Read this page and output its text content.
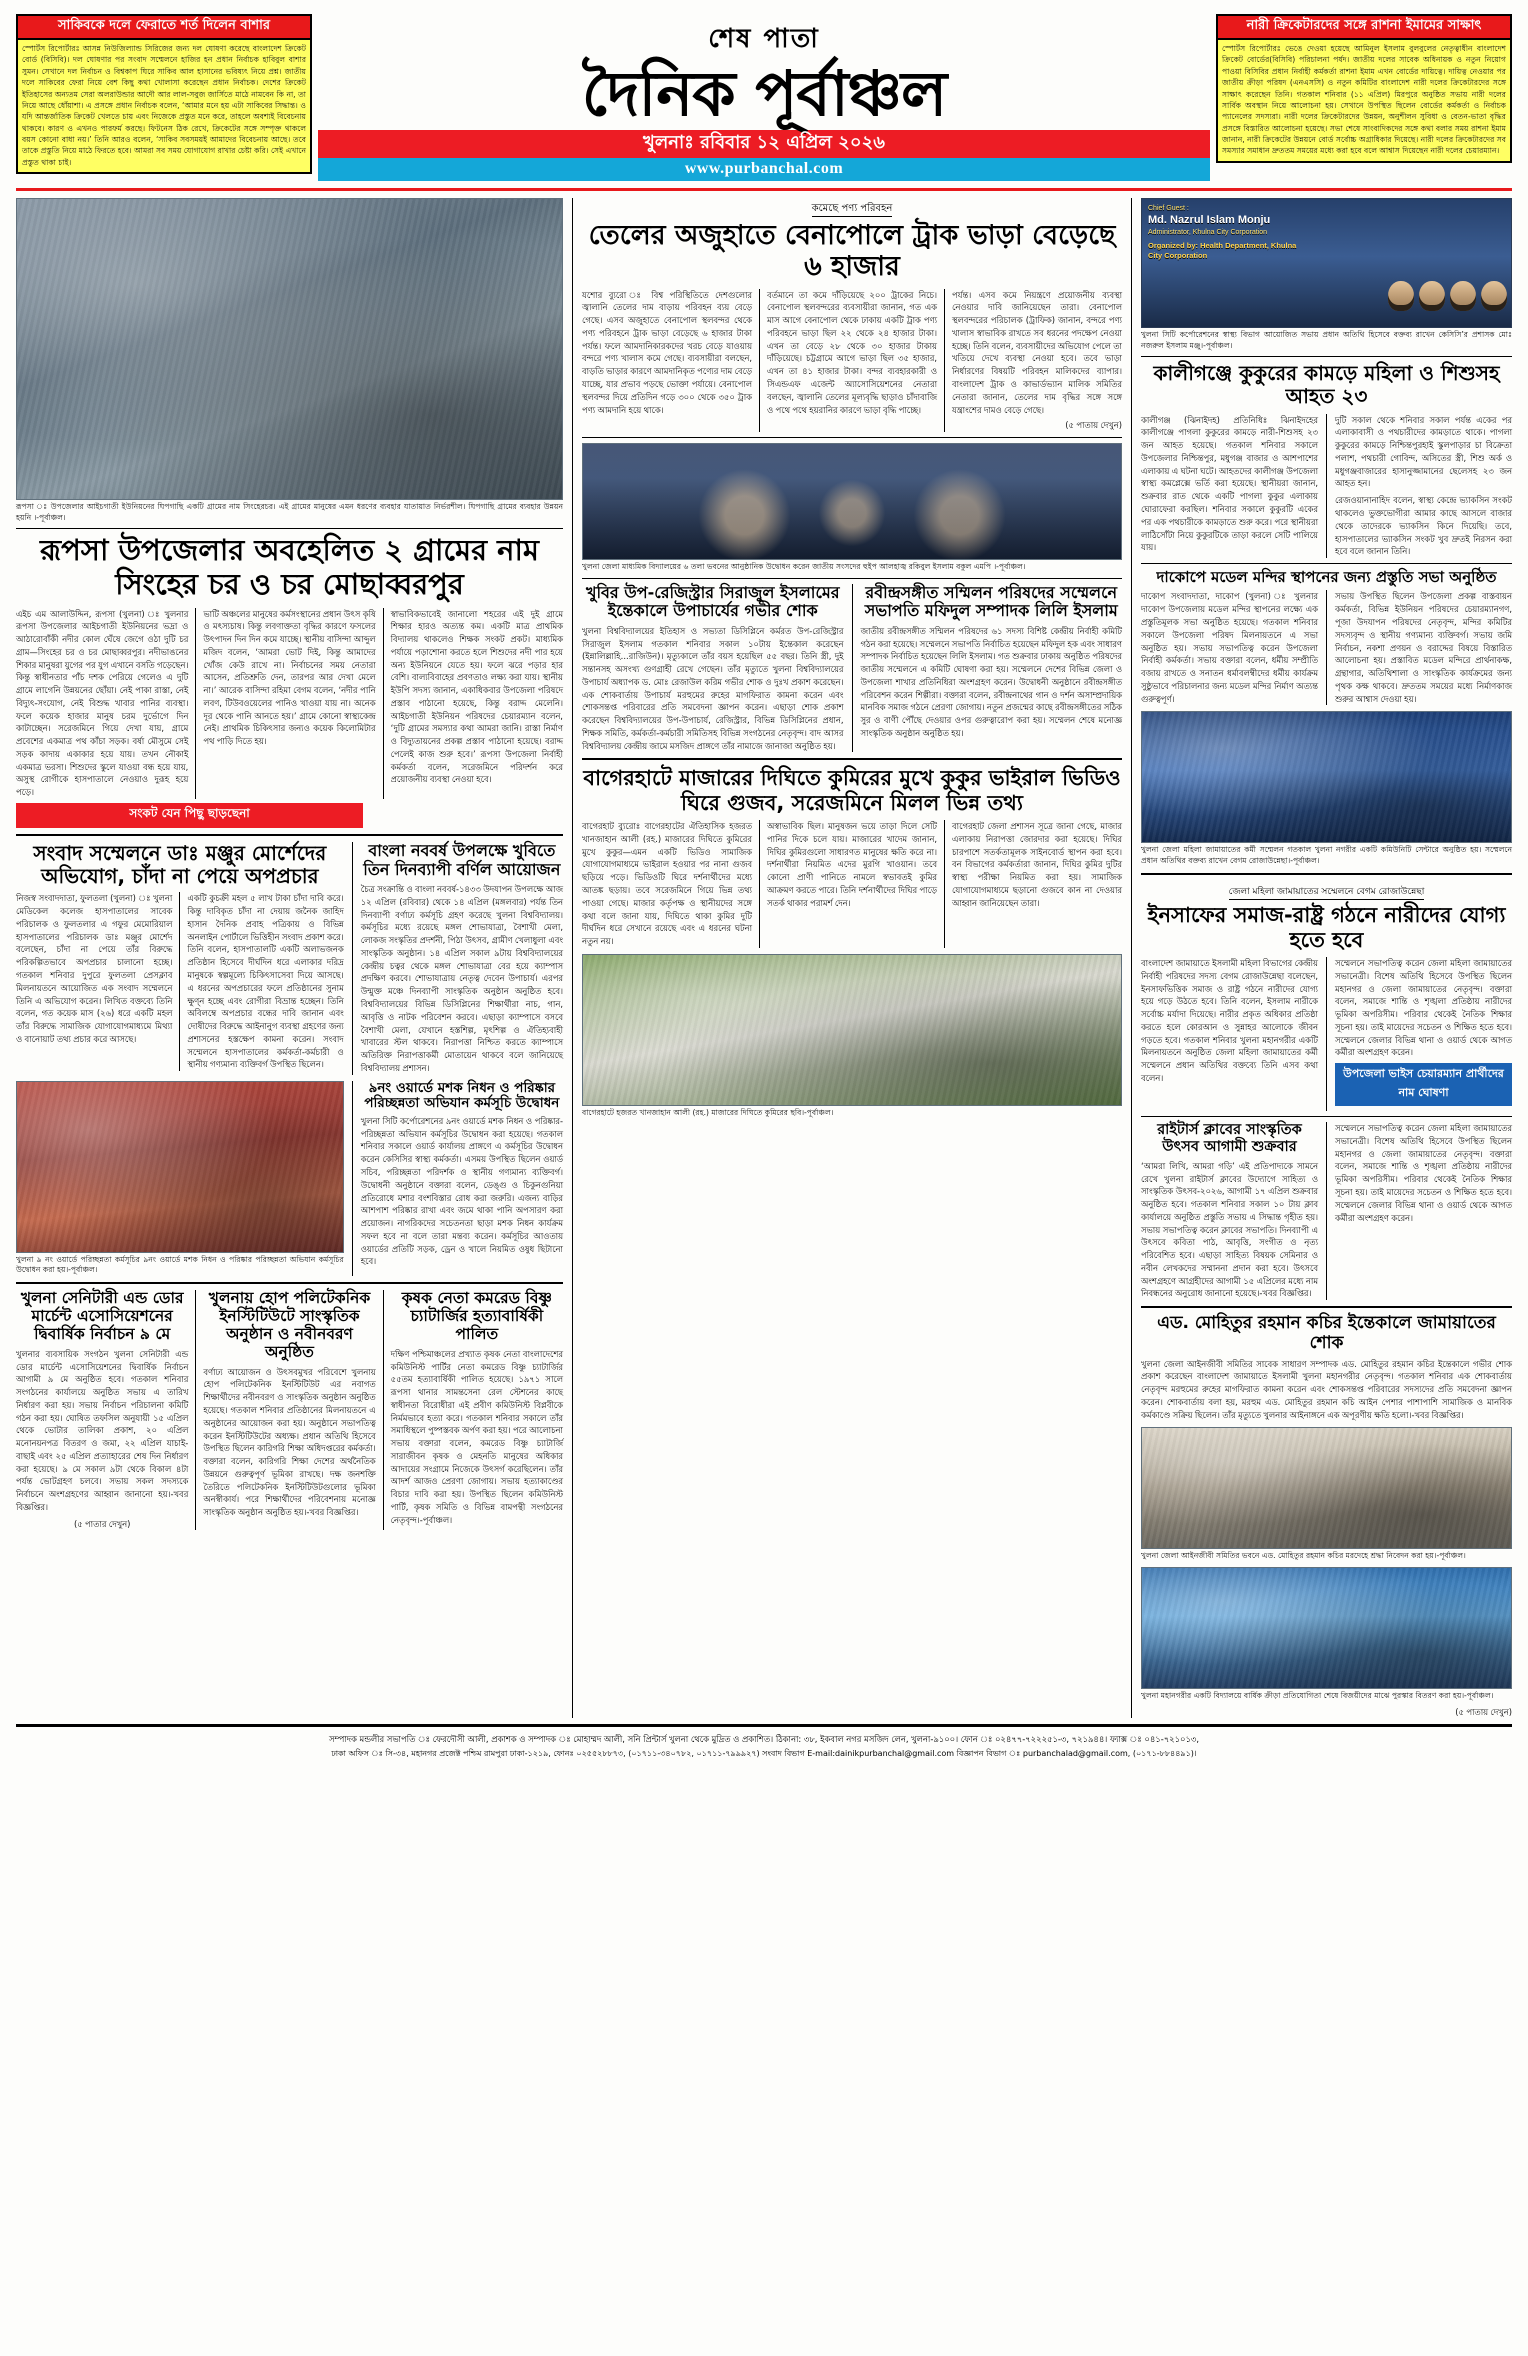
সাকিবকে দলে ফেরাতে শর্ত দিলেন বাশার
স্পোর্টস রিপোর্টারঃ আসন্ন নিউজিল্যান্ড সিরিজের জন্য দল ঘোষণা করেছে বাংলাদেশ ক্রিকেট বোর্ড (বিসিবি)। দল ঘোষণার পর সংবাদ সম্মেলনে হাজির হন প্রধান নির্বাচক হাবিবুল বাশার সুমন। সেখানে দল নির্বাচন ও বিশ্বকাপ ঘিরে সাকিব আল হাসানের ভবিষ্যৎ নিয়ে প্রশ্ন। জাতীয় দলে সাকিবের ফেরা নিয়ে বেশ কিছু কথা খোলাসা করেছেন প্রধান নির্বাচক। দেশের ক্রিকেট ইতিহাসের অন্যতম সেরা অলরাউন্ডার আদৌ আর লাল-সবুজ জার্সিতে মাঠে নামবেন কি না, তা নিয়ে আছে ধোঁয়াশা। এ প্রসঙ্গে প্রধান নির্বাচক বলেন, ‘আমার মনে হয় এটা সাকিবের সিদ্ধান্ত। ও যদি আন্তর্জাতিক ক্রিকেট খেলতে চায় এবং নিজেকে প্রস্তুত মনে করে, তাহলে অবশ্যই বিবেচনায় থাকবে। কারণ ও এখনও পারফর্ম করছে। ফিটনেস ঠিক রেখে, ক্রিকেটের সঙ্গে সম্পৃক্ত থাকলে বয়স কোনো বাধা নয়।’ তিনি আরও বলেন, ‘সাকিব সবসময়ই আমাদের বিবেচনায় আছে। তবে তাকে প্রস্তুতি নিয়ে মাঠে ফিরতে হবে। আমরা সব সময় যোগাযোগ রাখার চেষ্টা করি। সেই এখানে প্রস্তুত থাকা চাই।
শেষ পাতা
দৈনিক পূর্বাঞ্চল
খুলনাঃ রবিবার ১২ এপ্রিল ২০২৬
www.purbanchal.com
নারী ক্রিকেটারদের সঙ্গে রাশনা ইমামের সাক্ষাৎ
স্পোর্টস রিপোর্টারঃ ভেঙে দেওয়া হয়েছে আমিনুল ইসলাম বুলবুলের নেতৃত্বাধীন বাংলাদেশ ক্রিকেট বোর্ডের(বিসিবি) পরিচালনা পর্ষদ। জাতীয় দলের সাবেক অধিনায়ক ও নতুন নিয়োগ পাওয়া বিসিবির প্রধান নির্বাহী কর্মকর্তা রাশনা ইমাম এখন বোর্ডের দায়িত্বে। দায়িত্ব নেওয়ার পর জাতীয় ক্রীড়া পরিষদ (এনএসসি) ও নতুন কমিটির বাংলাদেশ নারী দলের ক্রিকেটারদের সঙ্গে সাক্ষাৎ করেছেন তিনি। গতকাল শনিবার (১১ এপ্রিল) মিরপুরে অনুষ্ঠিত সভায় নারী দলের সার্বিক অবস্থান নিয়ে আলোচনা হয়। সেখানে উপস্থিত ছিলেন বোর্ডের কর্মকর্তা ও নির্বাচক প্যানেলের সদস্যরা। নারী দলের ক্রিকেটারদের উন্নয়ন, অনুশীলন সুবিধা ও বেতন-ভাতা বৃদ্ধির প্রসঙ্গে বিস্তারিত আলোচনা হয়েছে। সভা শেষে সাংবাদিকদের সঙ্গে কথা বলার সময় রাশনা ইমাম জানান, নারী ক্রিকেটের উন্নয়নে বোর্ড সর্বোচ্চ অগ্রাধিকার দিয়েছে। নারী দলের ক্রিকেটারদের সব সমস্যার সমাধান দ্রুততম সময়ের মধ্যে করা হবে বলে আশ্বাস দিয়েছেন নারী দলের চেয়ারম্যান।
রূপসা ঃ উপজেলার আইচগাতী ইউনিয়নের ঘিপগাছি একটি গ্রামের নাম সিংহেরচর। এই গ্রামের মানুষের এমন ধরণের ব্যবহার যাতায়াত নির্ভরশীল। ঘিপগাছি গ্রামের ব্যবহার উন্নয়ন হয়নি ।-পূর্বাঞ্চল।
রূপসা উপজেলার অবহেলিত ২ গ্রামের নাম সিংহের চর ও চর মোছাব্বরপুর
এইচ এম আলাউদ্দিন, রূপসা (খুলনা) ঃ খুলনার রূপসা উপজেলার আইচগাতী ইউনিয়নের ভদ্রা ও আঠারোবাঁকী নদীর কোল ঘেঁষে জেগে ওঠা দুটি চর গ্রাম—সিংহের চর ও চর মোছাব্বরপুর। নদীভাঙনের শিকার মানুষরা যুগের পর যুগ এখানে বসতি গড়েছেন। কিন্তু স্বাধীনতার পাঁচ দশক পেরিয়ে গেলেও এ দুটি গ্রামে লাগেনি উন্নয়নের ছোঁয়া। নেই পাকা রাস্তা, নেই বিদ্যুৎ-সংযোগ, নেই বিশুদ্ধ খাবার পানির ব্যবস্থা। ফলে কয়েক হাজার মানুষ চরম দুর্ভোগে দিন কাটাচ্ছেন। সরেজমিনে গিয়ে দেখা যায়, গ্রামে প্রবেশের একমাত্র পথ কাঁচা সড়ক। বর্ষা মৌসুমে সেই সড়ক কাদায় একাকার হয়ে যায়। তখন নৌকাই একমাত্র ভরসা। শিশুদের স্কুলে যাওয়া বন্ধ হয়ে যায়, অসুস্থ রোগীকে হাসপাতালে নেওয়াও দুরূহ হয়ে পড়ে।
ভাটি অঞ্চলের মানুষের কর্মসংস্থানের প্রধান উৎস কৃষি ও মৎস্যচাষ। কিন্তু লবণাক্ততা বৃদ্ধির কারণে ফসলের উৎপাদন দিন দিন কমে যাচ্ছে। স্থানীয় বাসিন্দা আব্দুল মজিদ বলেন, ‘আমরা ভোট দিই, কিন্তু আমাদের খোঁজ কেউ রাখে না। নির্বাচনের সময় নেতারা আসেন, প্রতিশ্রুতি দেন, তারপর আর দেখা মেলে না।’ আরেক বাসিন্দা রহিমা বেগম বলেন, ‘নদীর পানি লবণ, টিউবওয়েলের পানিও খাওয়া যায় না। অনেক দূর থেকে পানি আনতে হয়।’ গ্রামে কোনো স্বাস্থ্যকেন্দ্র নেই। প্রাথমিক চিকিৎসার জন্যও কয়েক কিলোমিটার পথ পাড়ি দিতে হয়।
স্বাভাবিকভাবেই জানালো শহরের এই দুই গ্রামে শিক্ষার হারও অত্যন্ত কম। একটি মাত্র প্রাথমিক বিদ্যালয় থাকলেও শিক্ষক সংকট প্রকট। মাধ্যমিক পর্যায়ে পড়াশোনা করতে হলে শিশুদের নদী পার হয়ে অন্য ইউনিয়নে যেতে হয়। ফলে ঝরে পড়ার হার বেশি। বাল্যবিবাহের প্রবণতাও লক্ষ্য করা যায়। স্থানীয় ইউপি সদস্য জানান, একাধিকবার উপজেলা পরিষদে প্রস্তাব পাঠানো হয়েছে, কিন্তু বরাদ্দ মেলেনি। আইচগাতী ইউনিয়ন পরিষদের চেয়ারম্যান বলেন, ‘দুটি গ্রামের সমস্যার কথা আমরা জানি। রাস্তা নির্মাণ ও বিদ্যুতায়নের প্রকল্প প্রস্তাব পাঠানো হয়েছে। বরাদ্দ পেলেই কাজ শুরু হবে।’ রূপসা উপজেলা নির্বাহী কর্মকর্তা বলেন, সরেজমিনে পরিদর্শন করে প্রয়োজনীয় ব্যবস্থা নেওয়া হবে।
সংকট যেন পিছু ছাড়ছেনা
সংবাদ সম্মেলনে ডাঃ মঞ্জুর মোর্শেদের অভিযোগ, চাঁদা না পেয়ে অপপ্রচার
নিজস্ব সংবাদদাতা, ফুলতলা (খুলনা) ঃ খুলনা মেডিকেল কলেজ হাসপাতালের সাবেক পরিচালক ও ফুলতলার এ গফুর মেমোরিয়াল হাসপাতালের পরিচালক ডাঃ মঞ্জুর মোর্শেদ বলেছেন, চাঁদা না পেয়ে তাঁর বিরুদ্ধে পরিকল্পিতভাবে অপপ্রচার চালানো হচ্ছে। গতকাল শনিবার দুপুরে ফুলতলা প্রেসক্লাব মিলনায়তনে আয়োজিত এক সংবাদ সম্মেলনে তিনি এ অভিযোগ করেন। লিখিত বক্তব্যে তিনি বলেন, গত কয়েক মাস (২৬) ধরে একটি মহল তাঁর বিরুদ্ধে সামাজিক যোগাযোগমাধ্যমে মিথ্যা ও বানোয়াট তথ্য প্রচার করে আসছে।
একটি কুচক্রী মহল ৫ লাখ টাকা চাঁদা দাবি করে। কিন্তু দাবিকৃত চাঁদা না দেয়ায় জনৈক জাহিদ হাসান দৈনিক প্রবাহ পত্রিকায় ও বিভিন্ন অনলাইন পোর্টালে ভিত্তিহীন সংবাদ প্রকাশ করে। তিনি বলেন, হাসপাতালটি একটি অলাভজনক প্রতিষ্ঠান হিসেবে দীর্ঘদিন ধরে এলাকার দরিদ্র মানুষকে স্বল্পমূল্যে চিকিৎসাসেবা দিয়ে আসছে। এ ধরনের অপপ্রচারের ফলে প্রতিষ্ঠানের সুনাম ক্ষুণ্ন হচ্ছে এবং রোগীরা বিভ্রান্ত হচ্ছেন। তিনি অবিলম্বে অপপ্রচার বন্ধের দাবি জানান এবং দোষীদের বিরুদ্ধে আইনানুগ ব্যবস্থা গ্রহণের জন্য প্রশাসনের হস্তক্ষেপ কামনা করেন। সংবাদ সম্মেলনে হাসপাতালের কর্মকর্তা-কর্মচারী ও স্থানীয় গণ্যমান্য ব্যক্তিবর্গ উপস্থিত ছিলেন।
বাংলা নববর্ষ উপলক্ষে খুবিতে তিন দিনব্যাপী বর্ণিল আয়োজন
চৈত্র সংক্রান্তি ও বাংলা নববর্ষ-১৪৩৩ উদযাপন উপলক্ষে আজ ১২ এপ্রিল (রবিবার) থেকে ১৪ এপ্রিল (মঙ্গলবার) পর্যন্ত তিন দিনব্যাপী বর্ণাঢ্য কর্মসূচি গ্রহণ করেছে খুলনা বিশ্ববিদ্যালয়। কর্মসূচির মধ্যে রয়েছে মঙ্গল শোভাযাত্রা, বৈশাখী মেলা, লোকজ সংস্কৃতির প্রদর্শনী, পিঠা উৎসব, গ্রামীণ খেলাধুলা এবং সাংস্কৃতিক অনুষ্ঠান। ১৪ এপ্রিল সকাল ৯টায় বিশ্ববিদ্যালয়ের কেন্দ্রীয় চত্বর থেকে মঙ্গল শোভাযাত্রা বের হয়ে ক্যাম্পাস প্রদক্ষিণ করবে। শোভাযাত্রায় নেতৃত্ব দেবেন উপাচার্য। এরপর উন্মুক্ত মঞ্চে দিনব্যাপী সাংস্কৃতিক অনুষ্ঠান অনুষ্ঠিত হবে। বিশ্ববিদ্যালয়ের বিভিন্ন ডিসিপ্লিনের শিক্ষার্থীরা নাচ, গান, আবৃত্তি ও নাটক পরিবেশন করবে। এছাড়া ক্যাম্পাসে বসবে বৈশাখী মেলা, যেখানে হস্তশিল্প, মৃৎশিল্প ও ঐতিহ্যবাহী খাবারের স্টল থাকবে। নিরাপত্তা নিশ্চিত করতে ক্যাম্পাসে অতিরিক্ত নিরাপত্তাকর্মী মোতায়েন থাকবে বলে জানিয়েছে বিশ্ববিদ্যালয় প্রশাসন।
খুলনা ৯ নং ওয়ার্ডে পরিচ্ছন্নতা কর্মসূচির ৯নং ওয়ার্ডে মশক নিধন ও পরিষ্কার পরিচ্ছন্নতা অভিযান কর্মসূচির উদ্বোধন করা হয়।-পূর্বাঞ্চল।
৯নং ওয়ার্ডে মশক নিধন ও পরিষ্কার পরিচ্ছন্নতা অভিযান কর্মসূচি উদ্বোধন
খুলনা সিটি কর্পোরেশনের ৯নং ওয়ার্ডে মশক নিধন ও পরিষ্কার-পরিচ্ছন্নতা অভিযান কর্মসূচির উদ্বোধন করা হয়েছে। গতকাল শনিবার সকালে ওয়ার্ড কার্যালয় প্রাঙ্গণে এ কর্মসূচির উদ্বোধন করেন কেসিসির স্বাস্থ্য কর্মকর্তা। এসময় উপস্থিত ছিলেন ওয়ার্ড সচিব, পরিচ্ছন্নতা পরিদর্শক ও স্থানীয় গণ্যমান্য ব্যক্তিবর্গ। উদ্বোধনী অনুষ্ঠানে বক্তারা বলেন, ডেঙ্গু ও চিকুনগুনিয়া প্রতিরোধে মশার বংশবিস্তার রোধ করা জরুরি। এজন্য বাড়ির আশপাশ পরিষ্কার রাখা এবং জমে থাকা পানি অপসারণ করা প্রয়োজন। নাগরিকদের সচেতনতা ছাড়া মশক নিধন কার্যক্রম সফল হবে না বলে তারা মন্তব্য করেন। কর্মসূচির আওতায় ওয়ার্ডের প্রতিটি সড়ক, ড্রেন ও খালে নিয়মিত ওষুধ ছিটানো হবে।
খুলনা সেনিটারী এন্ড ডোর মার্চেন্ট এসোসিয়েশনের দ্বিবার্ষিক নির্বাচন ৯ মে
খুলনার ব্যবসায়িক সংগঠন খুলনা সেনিটারী এন্ড ডোর মার্চেন্ট এসোসিয়েশনের দ্বিবার্ষিক নির্বাচন আগামী ৯ মে অনুষ্ঠিত হবে। গতকাল শনিবার সংগঠনের কার্যালয়ে অনুষ্ঠিত সভায় এ তারিখ নির্ধারণ করা হয়। সভায় নির্বাচন পরিচালনা কমিটি গঠন করা হয়। ঘোষিত তফসিল অনুযায়ী ১৫ এপ্রিল থেকে ভোটার তালিকা প্রকাশ, ২০ এপ্রিল মনোনয়নপত্র বিতরণ ও জমা, ২২ এপ্রিল যাচাই-বাছাই এবং ২৫ এপ্রিল প্রত্যাহারের শেষ দিন নির্ধারণ করা হয়েছে। ৯ মে সকাল ৯টা থেকে বিকাল ৪টা পর্যন্ত ভোটগ্রহণ চলবে। সভায় সকল সদস্যকে নির্বাচনে অংশগ্রহণের আহ্বান জানানো হয়।-খবর বিজ্ঞপ্তির।
(৫ পাতার দেখুন)
খুলনায় হোপ পলিটেকনিক ইনস্টিটিউটে সাংস্কৃতিক অনুষ্ঠান ও নবীনবরণ অনুষ্ঠিত
বর্ণাঢ্য আয়োজন ও উৎসবমুখর পরিবেশে খুলনায় হোপ পলিটেকনিক ইনস্টিটিউট এর নবাগত শিক্ষার্থীদের নবীনবরণ ও সাংস্কৃতিক অনুষ্ঠান অনুষ্ঠিত হয়েছে। গতকাল শনিবার প্রতিষ্ঠানের মিলনায়তনে এ অনুষ্ঠানের আয়োজন করা হয়। অনুষ্ঠানে সভাপতিত্ব করেন ইনস্টিটিউটের অধ্যক্ষ। প্রধান অতিথি হিসেবে উপস্থিত ছিলেন কারিগরি শিক্ষা অধিদপ্তরের কর্মকর্তা। বক্তারা বলেন, কারিগরি শিক্ষা দেশের অর্থনৈতিক উন্নয়নে গুরুত্বপূর্ণ ভূমিকা রাখছে। দক্ষ জনশক্তি তৈরিতে পলিটেকনিক ইনস্টিটিউটগুলোর ভূমিকা অনস্বীকার্য। পরে শিক্ষার্থীদের পরিবেশনায় মনোজ্ঞ সাংস্কৃতিক অনুষ্ঠান অনুষ্ঠিত হয়।-খবর বিজ্ঞপ্তির।
কৃষক নেতা কমরেড বিষ্ণু চ্যাটার্জির হত্যাবার্ষিকী পালিত
দক্ষিণ পশ্চিমাঞ্চলের প্রখ্যাত কৃষক নেতা বাংলাদেশের কমিউনিস্ট পার্টির নেতা কমরেড বিষ্ণু চ্যাটার্জির ৫৫তম হত্যাবার্ষিকী পালিত হয়েছে। ১৯৭১ সালে রূপসা থানার সামন্তসেনা রেল স্টেশনের কাছে স্বাধীনতা বিরোধীরা এই প্রবীণ কমিউনিস্ট বিপ্লবীকে নির্মমভাবে হত্যা করে। গতকাল শনিবার সকালে তাঁর সমাধিস্থলে পুষ্পস্তবক অর্পণ করা হয়। পরে আলোচনা সভায় বক্তারা বলেন, কমরেড বিষ্ণু চ্যাটার্জি সারাজীবন কৃষক ও মেহনতি মানুষের অধিকার আদায়ের সংগ্রামে নিজেকে উৎসর্গ করেছিলেন। তাঁর আদর্শ আজও প্রেরণা জোগায়। সভায় হত্যাকাণ্ডের বিচার দাবি করা হয়। উপস্থিত ছিলেন কমিউনিস্ট পার্টি, কৃষক সমিতি ও বিভিন্ন বামপন্থী সংগঠনের নেতৃবৃন্দ।-পূর্বাঞ্চল।
কমেছে পণ্য পরিবহন
তেলের অজুহাতে বেনাপোলে ট্রাক ভাড়া বেড়েছে ৬ হাজার
যশোর ব্যুরো ঃ বিশ্ব পরিস্থিতিতে দেশগুলোর জ্বালানি তেলের দাম বাড়ায় পরিবহন ব্যয় বেড়ে গেছে। এসব অজুহাতে বেনাপোল স্থলবন্দর থেকে পণ্য পরিবহনে ট্রাক ভাড়া বেড়েছে ৬ হাজার টাকা পর্যন্ত। ফলে আমদানিকারকদের খরচ বেড়ে যাওয়ায় বন্দরে পণ্য খালাস কমে গেছে। ব্যবসায়ীরা বলছেন, বাড়তি ভাড়ার কারণে আমদানিকৃত পণ্যের দাম বেড়ে যাচ্ছে, যার প্রভাব পড়ছে ভোক্তা পর্যায়ে। বেনাপোল স্থলবন্দর দিয়ে প্রতিদিন গড়ে ৩০০ থেকে ৩৫০ ট্রাক পণ্য আমদানি হয়ে থাকে।
বর্তমানে তা কমে দাঁড়িয়েছে ২০০ ট্রাকের নিচে। বেনাপোল স্থলবন্দরের ব্যবসায়ীরা জানান, গত এক মাস আগে বেনাপোল থেকে ঢাকায় একটি ট্রাক পণ্য পরিবহনে ভাড়া ছিল ২২ থেকে ২৪ হাজার টাকা। এখন তা বেড়ে ২৮ থেকে ৩০ হাজার টাকায় দাঁড়িয়েছে। চট্টগ্রামে আগে ভাড়া ছিল ৩৫ হাজার, এখন তা ৪১ হাজার টাকা। বন্দর ব্যবহারকারী ও সিএন্ডএফ এজেন্ট অ্যাসোসিয়েশনের নেতারা বলছেন, জ্বালানি তেলের মূল্যবৃদ্ধি ছাড়াও চাঁদাবাজি ও পথে পথে হয়রানির কারণে ভাড়া বৃদ্ধি পাচ্ছে।
পর্যন্ত। এসব কমে নিয়ন্ত্রণে প্রয়োজনীয় ব্যবস্থা নেওয়ার দাবি জানিয়েছেন তারা। বেনাপোল স্থলবন্দরের পরিচালক (ট্রাফিক) জানান, বন্দরে পণ্য খালাস স্বাভাবিক রাখতে সব ধরনের পদক্ষেপ নেওয়া হচ্ছে। তিনি বলেন, ব্যবসায়ীদের অভিযোগ পেলে তা খতিয়ে দেখে ব্যবস্থা নেওয়া হবে। তবে ভাড়া নির্ধারণের বিষয়টি পরিবহন মালিকদের ব্যাপার। বাংলাদেশ ট্রাক ও কাভার্ডভ্যান মালিক সমিতির নেতারা জানান, তেলের দাম বৃদ্ধির সঙ্গে সঙ্গে যন্ত্রাংশের দামও বেড়ে গেছে।
(৫ পাতায় দেখুন)
খুলনা জেলা মাধ্যমিক বিদ্যালয়ের ৬ তলা ভবনের আনুষ্ঠানিক উদ্বোধন করেন জাতীয় সংসদের হুইপ আলহাজ্ব রকিবুল ইসলাম বকুল এমপি ।-পূর্বাঞ্চল।
খুবির উপ-রেজিস্ট্রার সিরাজুল ইসলামের ইন্তেকালে উপাচার্যের গভীর শোক
খুলনা বিশ্ববিদ্যালয়ের ইতিহাস ও সভ্যতা ডিসিপ্লিনে কর্মরত উপ-রেজিস্ট্রার সিরাজুল ইসলাম গতকাল শনিবার সকাল ১০টায় ইন্তেকাল করেছেন (ইন্নালিল্লাহি...রাজিউন)। মৃত্যুকালে তাঁর বয়স হয়েছিল ৫৫ বছর। তিনি স্ত্রী, দুই সন্তানসহ অসংখ্য গুণগ্রাহী রেখে গেছেন। তাঁর মৃত্যুতে খুলনা বিশ্ববিদ্যালয়ের উপাচার্য অধ্যাপক ড. মোঃ রেজাউল করিম গভীর শোক ও দুঃখ প্রকাশ করেছেন। এক শোকবার্তায় উপাচার্য মরহুমের রুহের মাগফিরাত কামনা করেন এবং শোকসন্তপ্ত পরিবারের প্রতি সমবেদনা জ্ঞাপন করেন। এছাড়া শোক প্রকাশ করেছেন বিশ্ববিদ্যালয়ের উপ-উপাচার্য, রেজিস্ট্রার, বিভিন্ন ডিসিপ্লিনের প্রধান, শিক্ষক সমিতি, কর্মকর্তা-কর্মচারী সমিতিসহ বিভিন্ন সংগঠনের নেতৃবৃন্দ। বাদ আসর বিশ্ববিদ্যালয় কেন্দ্রীয় জামে মসজিদ প্রাঙ্গণে তাঁর নামাজে জানাজা অনুষ্ঠিত হয়।
রবীন্দ্রসঙ্গীত সম্মিলন পরিষদের সম্মেলনে সভাপতি মফিদুল সম্পাদক লিলি ইসলাম
জাতীয় রবীন্দ্রসঙ্গীত সম্মিলন পরিষদের ৬১ সদস্য বিশিষ্ট কেন্দ্রীয় নির্বাহী কমিটি গঠন করা হয়েছে। সম্মেলনে সভাপতি নির্বাচিত হয়েছেন মফিদুল হক এবং সাধারণ সম্পাদক নির্বাচিত হয়েছেন লিলি ইসলাম। গত শুক্রবার ঢাকায় অনুষ্ঠিত পরিষদের জাতীয় সম্মেলনে এ কমিটি ঘোষণা করা হয়। সম্মেলনে দেশের বিভিন্ন জেলা ও উপজেলা শাখার প্রতিনিধিরা অংশগ্রহণ করেন। উদ্বোধনী অনুষ্ঠানে রবীন্দ্রসঙ্গীত পরিবেশন করেন শিল্পীরা। বক্তারা বলেন, রবীন্দ্রনাথের গান ও দর্শন অসাম্প্রদায়িক মানবিক সমাজ গঠনে প্রেরণা জোগায়। নতুন প্রজন্মের কাছে রবীন্দ্রসঙ্গীতের সঠিক সুর ও বাণী পৌঁছে দেওয়ার ওপর গুরুত্বারোপ করা হয়। সম্মেলন শেষে মনোজ্ঞ সাংস্কৃতিক অনুষ্ঠান অনুষ্ঠিত হয়।
বাগেরহাটে মাজারের দিঘিতে কুমিরের মুখে কুকুর ভাইরাল ভিডিও ঘিরে গুজব, সরেজমিনে মিলল ভিন্ন তথ্য
বাগেরহাট ব্যুরোঃ বাগেরহাটের ঐতিহাসিক হজরত খানজাহান আলী (রহ.) মাজারের দিঘিতে কুমিরের মুখে কুকুর—এমন একটি ভিডিও সামাজিক যোগাযোগমাধ্যমে ভাইরাল হওয়ার পর নানা গুজব ছড়িয়ে পড়ে। ভিডিওটি ঘিরে দর্শনার্থীদের মধ্যে আতঙ্ক ছড়ায়। তবে সরেজমিনে গিয়ে ভিন্ন তথ্য পাওয়া গেছে। মাজার কর্তৃপক্ষ ও স্থানীয়দের সঙ্গে কথা বলে জানা যায়, দিঘিতে থাকা কুমির দুটি দীর্ঘদিন ধরে সেখানে রয়েছে এবং এ ধরনের ঘটনা নতুন নয়।
অস্বাভাবিক ছিল। মানুষজন ভয়ে তাড়া দিলে সেটি পানির দিকে চলে যায়। মাজারের খাদেম জানান, দিঘির কুমিরগুলো সাধারণত মানুষের ক্ষতি করে না। দর্শনার্থীরা নিয়মিত এদের মুরগি খাওয়ান। তবে কোনো প্রাণী পানিতে নামলে স্বভাবতই কুমির আক্রমণ করতে পারে। তিনি দর্শনার্থীদের দিঘির পাড়ে সতর্ক থাকার পরামর্শ দেন।
বাগেরহাট জেলা প্রশাসন সূত্রে জানা গেছে, মাজার এলাকায় নিরাপত্তা জোরদার করা হয়েছে। দিঘির চারপাশে সতর্কতামূলক সাইনবোর্ড স্থাপন করা হবে। বন বিভাগের কর্মকর্তারা জানান, দিঘির কুমির দুটির স্বাস্থ্য পরীক্ষা নিয়মিত করা হয়। সামাজিক যোগাযোগমাধ্যমে ছড়ানো গুজবে কান না দেওয়ার আহ্বান জানিয়েছেন তারা।
বাগেরহাটে হজরত খানজাহান আলী (রহ.) মাজারের দিঘিতে কুমিরের ছবি।-পূর্বাঞ্চল।
Chief Guest :
Md. Nazrul Islam Monju
Administrator, Khulna City Corporation
Organized by: Health Department, Khulna City Corporation
খুলনা সিটি কর্পোরেশনের স্বাস্থ্য বিভাগ আয়োজিত সভায় প্রধান অতিথি হিসেবে বক্তব্য রাখেন কেসিসি’র প্রশাসক মোঃ নজরুল ইসলাম মঞ্জু।-পূর্বাঞ্চল।
কালীগঞ্জে কুকুরের কামড়ে মহিলা ও শিশুসহ আহত ২৩
কালীগঞ্জ (ঝিনাইদহ) প্রতিনিধিঃ ঝিনাইদহের কালীগঞ্জে পাগলা কুকুরের কামড়ে নারী-শিশুসহ ২৩ জন আহত হয়েছে। গতকাল শনিবার সকালে উপজেলার নিশ্চিন্তপুর, মধুগঞ্জ বাজার ও আশপাশের এলাকায় এ ঘটনা ঘটে। আহতদের কালীগঞ্জ উপজেলা স্বাস্থ্য কমপ্লেক্সে ভর্তি করা হয়েছে। স্থানীয়রা জানান, শুক্রবার রাত থেকে একটি পাগলা কুকুর এলাকায় ঘোরাফেরা করছিল। শনিবার সকালে কুকুরটি একের পর এক পথচারীকে কামড়াতে শুরু করে। পরে স্থানীয়রা লাঠিসোঁটা নিয়ে কুকুরটিকে তাড়া করলে সেটি পালিয়ে যায়।
দুটি সকাল থেকে শনিবার সকাল পর্যন্ত একের পর এলাকাবাসী ও পথচারীদের কামড়াতে থাকে। পাগলা কুকুরের কামড়ে নিশ্চিন্তপুরহাই স্কুলপাড়ার চা বিক্রেতা পলাশ, পথচারী গোবিন্দ, অসিতের স্ত্রী, শিশু অর্ক ও মধুগঞ্জবাজারের হাসানুজ্জামানের ছেলেসহ ২৩ জন আহত হন।
রেজওয়ানানাহিদ বলেন, স্বাস্থ্য কেন্দ্রে ভ্যাকসিন সংকট থাকলেও ভুক্তভোগীরা আমার কাছে আসলে বাজার থেকে তাদেরকে ভ্যাকসিন কিনে দিয়েছি। তবে, হাসপাতালের ভ্যাকসিন সংকট খুব দ্রুতই নিরসন করা হবে বলে জানান তিনি।
দাকোপে মডেল মন্দির স্থাপনের জন্য প্রস্তুতি সভা অনুষ্ঠিত
দাকোপ সংবাদদাতা, দাকোপ (খুলনা) ঃ খুলনার দাকোপ উপজেলায় মডেল মন্দির স্থাপনের লক্ষ্যে এক প্রস্তুতিমূলক সভা অনুষ্ঠিত হয়েছে। গতকাল শনিবার সকালে উপজেলা পরিষদ মিলনায়তনে এ সভা অনুষ্ঠিত হয়। সভায় সভাপতিত্ব করেন উপজেলা নির্বাহী কর্মকর্তা। সভায় বক্তারা বলেন, ধর্মীয় সম্প্রীতি বজায় রাখতে ও সনাতন ধর্মাবলম্বীদের ধর্মীয় কার্যক্রম সুষ্ঠুভাবে পরিচালনার জন্য মডেল মন্দির নির্মাণ অত্যন্ত গুরুত্বপূর্ণ।
সভায় উপস্থিত ছিলেন উপজেলা প্রকল্প বাস্তবায়ন কর্মকর্তা, বিভিন্ন ইউনিয়ন পরিষদের চেয়ারম্যানগণ, পূজা উদযাপন পরিষদের নেতৃবৃন্দ, মন্দির কমিটির সদস্যবৃন্দ ও স্থানীয় গণ্যমান্য ব্যক্তিবর্গ। সভায় জমি নির্বাচন, নকশা প্রণয়ন ও বরাদ্দের বিষয়ে বিস্তারিত আলোচনা হয়। প্রস্তাবিত মডেল মন্দিরে প্রার্থনাকক্ষ, গ্রন্থাগার, অতিথিশালা ও সাংস্কৃতিক কার্যক্রমের জন্য পৃথক কক্ষ থাকবে। দ্রুততম সময়ের মধ্যে নির্মাণকাজ শুরুর আশ্বাস দেওয়া হয়।
খুলনা জেলা মহিলা জামায়াতের কর্মী সম্মেলন গতকাল খুলনা নগরীর একটি কমিউনিটি সেন্টারে অনুষ্ঠিত হয়। সম্মেলনে প্রধান অতিথির বক্তব্য রাখেন বেগম রোজাউন্নেছা।-পূর্বাঞ্চল।
জেলা মহিলা জামায়াতের সম্মেলনে বেগম রোজাউন্নেছা
ইনসাফের সমাজ-রাষ্ট্র গঠনে নারীদের যোগ্য হতে হবে
বাংলাদেশ জামায়াতে ইসলামী মহিলা বিভাগের কেন্দ্রীয় নির্বাহী পরিষদের সদস্য বেগম রোজাউন্নেছা বলেছেন, ইনসাফভিত্তিক সমাজ ও রাষ্ট্র গঠনে নারীদের যোগ্য হয়ে গড়ে উঠতে হবে। তিনি বলেন, ইসলাম নারীকে সর্বোচ্চ মর্যাদা দিয়েছে। নারীর প্রকৃত অধিকার প্রতিষ্ঠা করতে হলে কোরআন ও সুন্নাহর আলোকে জীবন গড়তে হবে। গতকাল শনিবার খুলনা মহানগরীর একটি মিলনায়তনে অনুষ্ঠিত জেলা মহিলা জামায়াতের কর্মী সম্মেলনে প্রধান অতিথির বক্তব্যে তিনি এসব কথা বলেন।
সম্মেলনে সভাপতিত্ব করেন জেলা মহিলা জামায়াতের সভানেত্রী। বিশেষ অতিথি হিসেবে উপস্থিত ছিলেন মহানগর ও জেলা জামায়াতের নেতৃবৃন্দ। বক্তারা বলেন, সমাজে শান্তি ও শৃঙ্খলা প্রতিষ্ঠায় নারীদের ভূমিকা অপরিসীম। পরিবার থেকেই নৈতিক শিক্ষার সূচনা হয়। তাই মায়েদের সচেতন ও শিক্ষিত হতে হবে। সম্মেলনে জেলার বিভিন্ন থানা ও ওয়ার্ড থেকে আগত কর্মীরা অংশগ্রহণ করেন।
উপজেলা ভাইস চেয়ারম্যান প্রার্থীদের নাম ঘোষণা
রাইটার্স ক্লাবের সাংস্কৃতিক উৎসব আগামী শুক্রবার
‘আমরা লিখি, আমরা গড়ি’ এই প্রতিপাদ্যকে সামনে রেখে খুলনা রাইটার্স ক্লাবের উদ্যোগে সাহিত্য ও সাংস্কৃতিক উৎসব-২০২৬, আগামী ১৭ এপ্রিল শুক্রবার অনুষ্ঠিত হবে। গতকাল শনিবার সকাল ১০ টায় ক্লাব কার্যালয়ে অনুষ্ঠিত প্রস্তুতি সভায় এ সিদ্ধান্ত গৃহীত হয়। সভায় সভাপতিত্ব করেন ক্লাবের সভাপতি। দিনব্যাপী এ উৎসবে কবিতা পাঠ, আবৃত্তি, সংগীত ও নৃত্য পরিবেশিত হবে। এছাড়া সাহিত্য বিষয়ক সেমিনার ও নবীন লেখকদের সম্মাননা প্রদান করা হবে। উৎসবে অংশগ্রহণে আগ্রহীদের আগামী ১৫ এপ্রিলের মধ্যে নাম নিবন্ধনের অনুরোধ জানানো হয়েছে।-খবর বিজ্ঞপ্তির।
সম্মেলনে সভাপতিত্ব করেন জেলা মহিলা জামায়াতের সভানেত্রী। বিশেষ অতিথি হিসেবে উপস্থিত ছিলেন মহানগর ও জেলা জামায়াতের নেতৃবৃন্দ। বক্তারা বলেন, সমাজে শান্তি ও শৃঙ্খলা প্রতিষ্ঠায় নারীদের ভূমিকা অপরিসীম। পরিবার থেকেই নৈতিক শিক্ষার সূচনা হয়। তাই মায়েদের সচেতন ও শিক্ষিত হতে হবে। সম্মেলনে জেলার বিভিন্ন থানা ও ওয়ার্ড থেকে আগত কর্মীরা অংশগ্রহণ করেন।
এড. মোহিতুর রহমান কচির ইন্তেকালে জামায়াতের শোক
খুলনা জেলা আইনজীবী সমিতির সাবেক সাধারণ সম্পাদক এড. মোহিতুর রহমান কচির ইন্তেকালে গভীর শোক প্রকাশ করেছেন বাংলাদেশ জামায়াতে ইসলামী খুলনা মহানগরীর নেতৃবৃন্দ। গতকাল শনিবার এক শোকবার্তায় নেতৃবৃন্দ মরহুমের রুহের মাগফিরাত কামনা করেন এবং শোকসন্তপ্ত পরিবারের সদস্যদের প্রতি সমবেদনা জ্ঞাপন করেন। শোকবার্তায় বলা হয়, মরহুম এড. মোহিতুর রহমান কচি আইন পেশার পাশাপাশি সামাজিক ও মানবিক কর্মকাণ্ডে সক্রিয় ছিলেন। তাঁর মৃত্যুতে খুলনার আইনাঙ্গনে এক অপূরণীয় ক্ষতি হলো।-খবর বিজ্ঞপ্তির।
খুলনা জেলা আইনজীবী সমিতির ভবনে এড. মোহিতুর রহমান কচির মরদেহে শ্রদ্ধা নিবেদন করা হয়।-পূর্বাঞ্চল।
খুলনা মহানগরীর একটি বিদ্যালয়ে বার্ষিক ক্রীড়া প্রতিযোগিতা শেষে বিজয়ীদের মাঝে পুরস্কার বিতরণ করা হয়।-পূর্বাঞ্চল।
(৫ পাতায় দেখুন)
সম্পাদক মন্ডলীর সভাপতি ঃ ফেরদৌসী আলী, প্রকাশক ও সম্পাদক ঃ মোহাম্মদ আলী, সনি প্রিন্টার্স খুলনা থেকে মুদ্রিত ও প্রকাশিত। ঠিকানা: ৩৮, ইকবাল নগর মসজিদ লেন, খুলনা-৯১০০। ফোন ঃ ০২৪৭৭-৭২২২৫১-৩, ৭২১৯৪৪। ফ্যাক্স ঃ ০৪১-৭২১০১৩,
ঢাকা অফিস ঃ সি-৩৪, মহানগর প্রজেক্ট পশ্চিম রামপুরা ঢাকা-১২১৯, ফোনঃ ০২৫৫২৮৮৭৩, (০১৭১১-৩৪০৭৮২, ০১৭১১-৭৯৯৯২৭) সংবাদ বিভাগ E-mail:dainikpurbanchal@gmail.com বিজ্ঞাপন বিভাগ ঃ purbanchalad@gmail.com, (০১৭১-৮৮৪৪৯১)।
